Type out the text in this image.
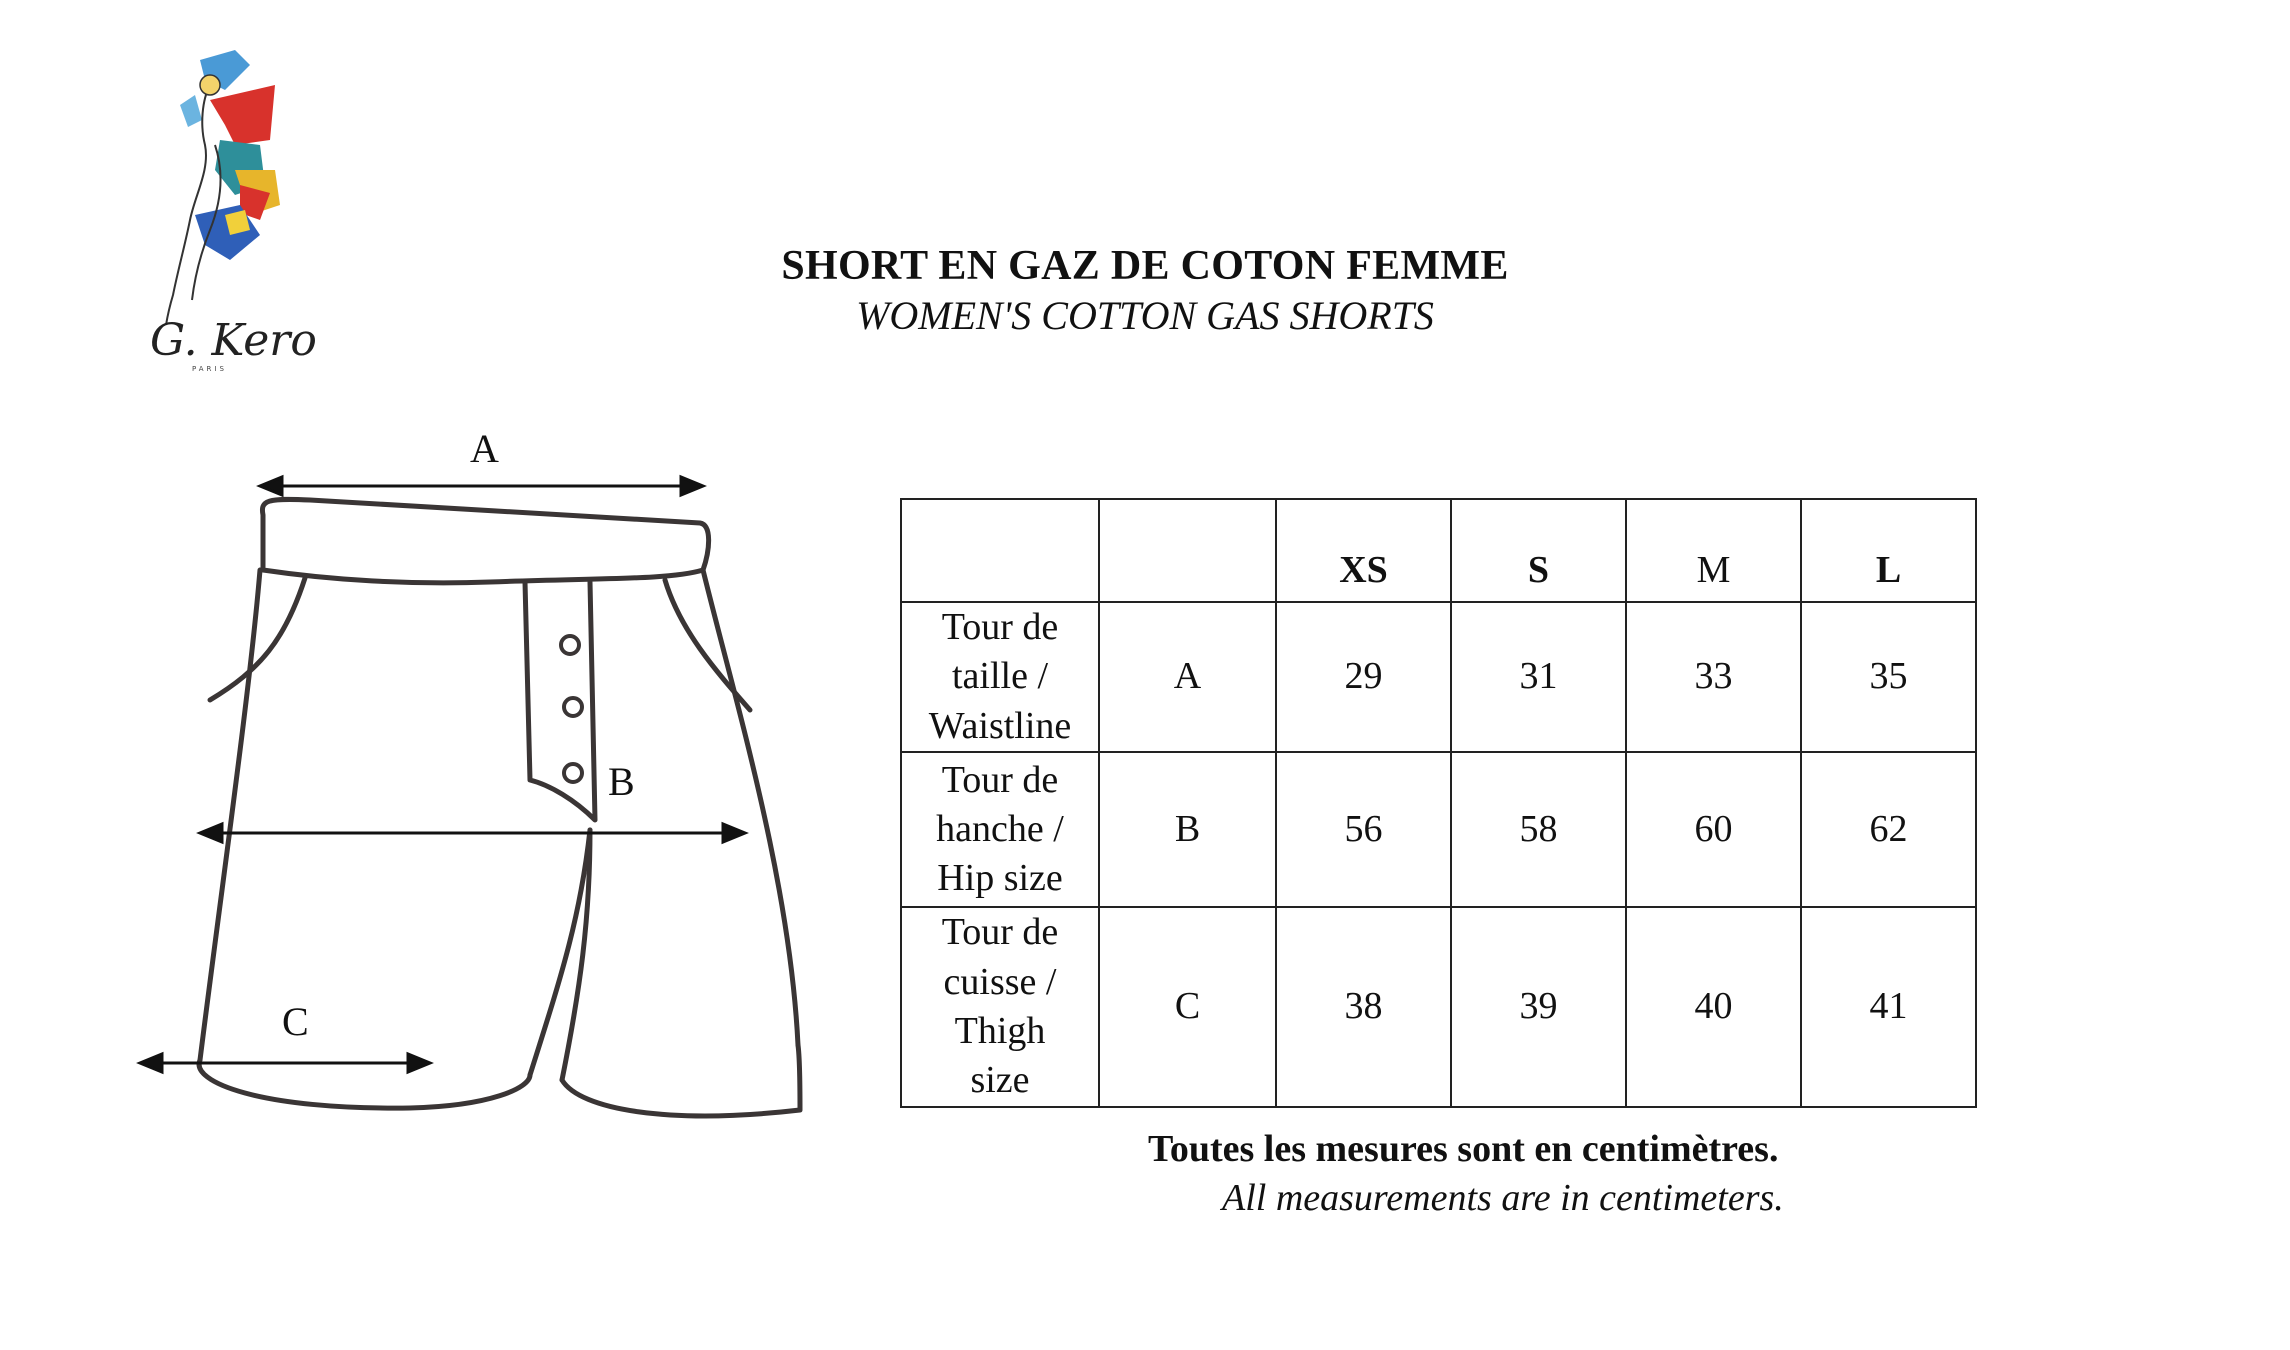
G. Kero
PARIS
SHORT EN GAZ DE COTON FEMME
WOMEN'S COTTON GAS SHORTS
A
B
C
		XS	S	M	L
Tour de
taille /
Waistline	A	29	31	33	35
Tour de
hanche /
Hip size	B	56	58	60	62
Tour de
cuisse /
Thigh
size	C	38	39	40	41
Toutes les mesures sont en centimètres.
All measurements are in centimeters.
